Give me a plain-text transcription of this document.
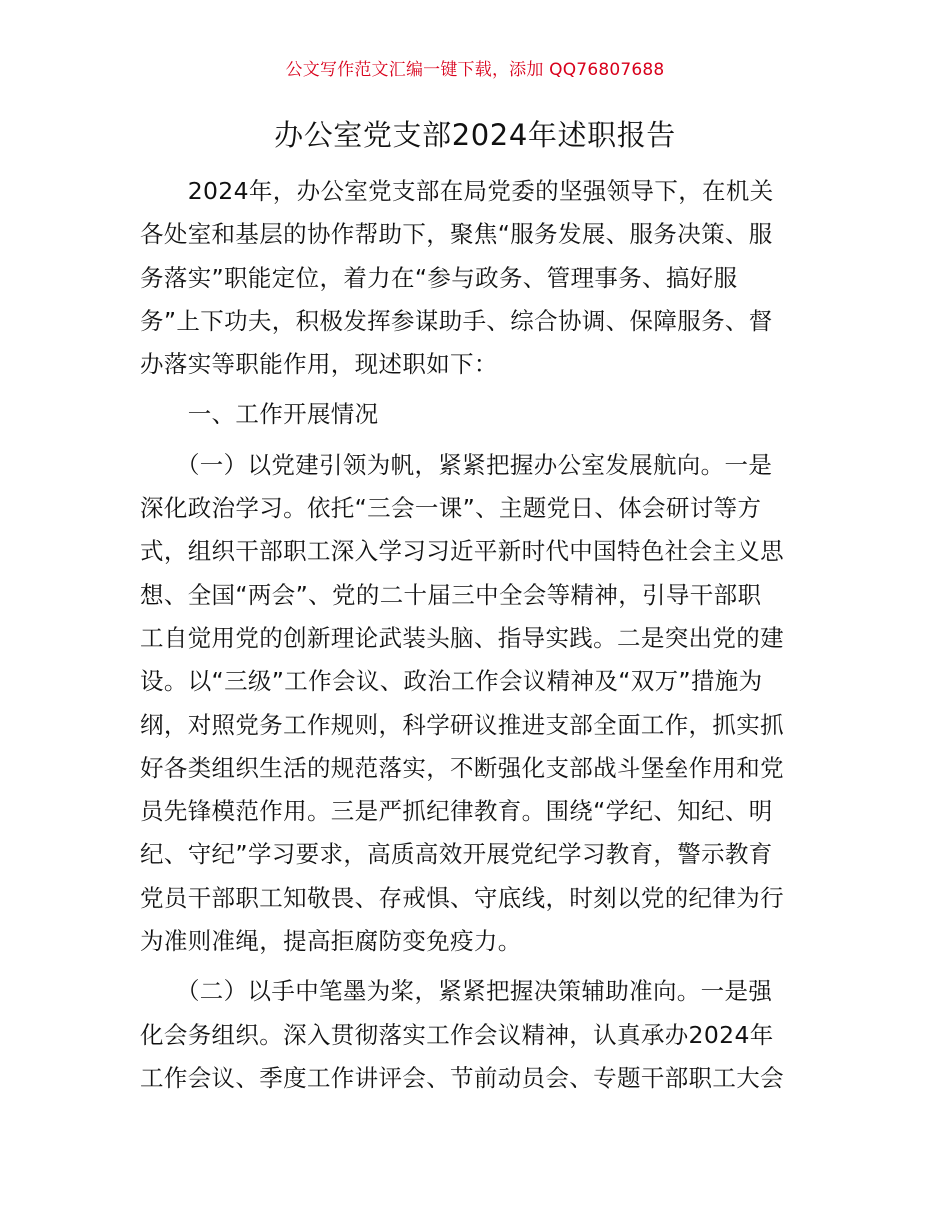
公文写作范文汇编一键下载，添加 QQ76807688
办公室党支部2024年述职报告
　　2024年，办公室党支部在局党委的坚强领导下，在机关
各处室和基层的协作帮助下，聚焦“服务发展、服务决策、服
务落实”职能定位，着力在“参与政务、管理事务、搞好服
务”上下功夫，积极发挥参谋助手、综合协调、保障服务、督
办落实等职能作用，现述职如下：
　　一、工作开展情况
　　（一）以党建引领为帆，紧紧把握办公室发展航向。一是
深化政治学习。依托“三会一课”、主题党日、体会研讨等方
式，组织干部职工深入学习习近平新时代中国特色社会主义思
想、全国“两会”、党的二十届三中全会等精神，引导干部职
工自觉用党的创新理论武装头脑、指导实践。二是突出党的建
设。以“三级”工作会议、政治工作会议精神及“双万”措施为
纲，对照党务工作规则，科学研议推进支部全面工作，抓实抓
好各类组织生活的规范落实，不断强化支部战斗堡垒作用和党
员先锋模范作用。三是严抓纪律教育。围绕“学纪、知纪、明
纪、守纪”学习要求，高质高效开展党纪学习教育，警示教育
党员干部职工知敬畏、存戒惧、守底线，时刻以党的纪律为行
为准则准绳，提高拒腐防变免疫力。
　　（二）以手中笔墨为桨，紧紧把握决策辅助准向。一是强
化会务组织。深入贯彻落实工作会议精神，认真承办2024年
工作会议、季度工作讲评会、节前动员会、专题干部职工大会
